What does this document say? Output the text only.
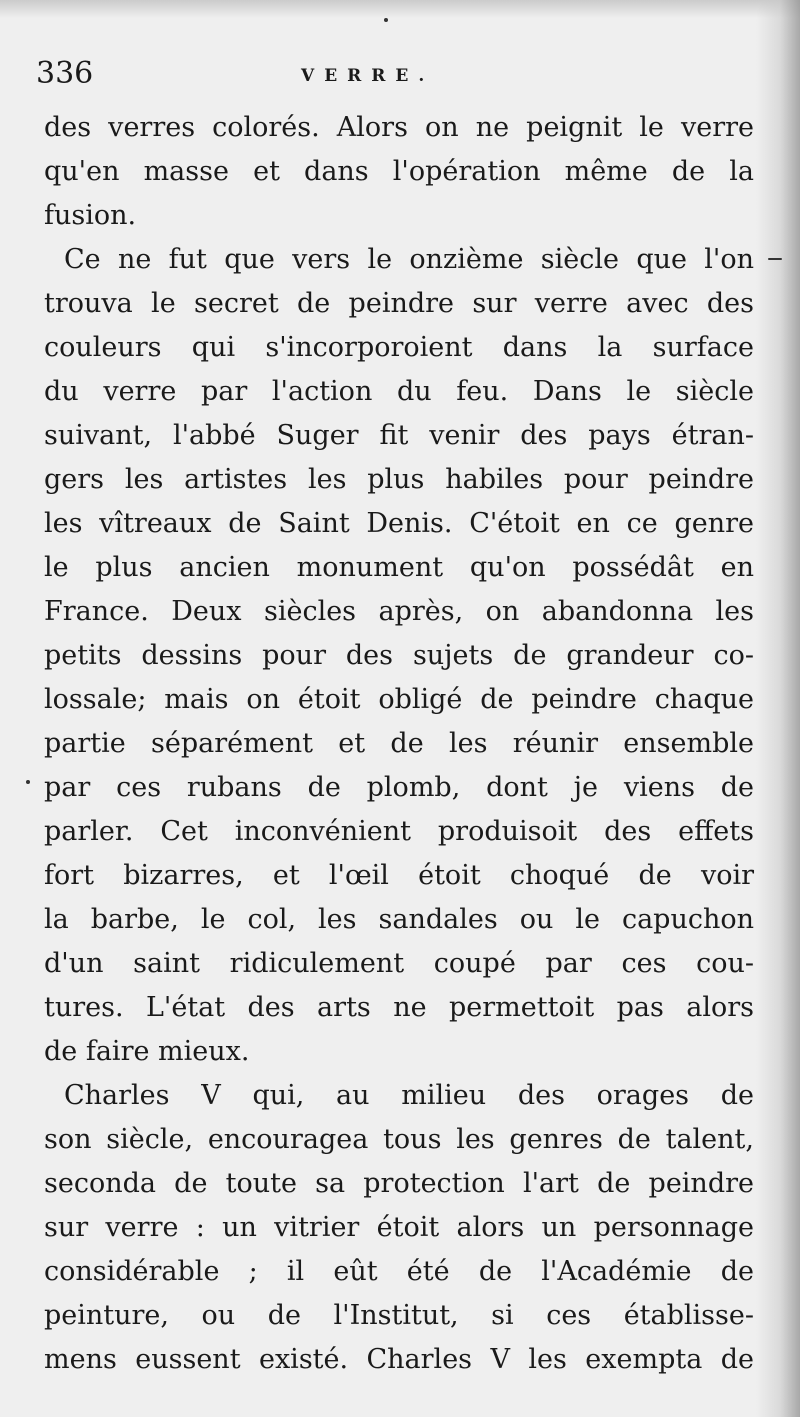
336	VERRE.
des verres colorés. Alors on ne peignit le verre
qu'en masse et dans l'opération même de la
fusion.
Ce ne fut que vers le onzième siècle que l'on
trouva le secret de peindre sur verre avec des
couleurs qui s'incorporoient dans la surface
du verre par l'action du feu. Dans le siècle
suivant, l'abbé Suger fit venir des pays étran-
gers les artistes les plus habiles pour peindre
les vîtreaux de Saint Denis. C'étoit en ce genre
le plus ancien monument qu'on possédât en
France. Deux siècles après, on abandonna les
petits dessins pour des sujets de grandeur co-
lossale; mais on étoit obligé de peindre chaque
partie séparément et de les réunir ensemble
par ces rubans de plomb, dont je viens de
parler. Cet inconvénient produisoit des effets
fort bizarres, et l'œil étoit choqué de voir
la barbe, le col, les sandales ou le capuchon
d'un saint ridiculement coupé par ces cou-
tures. L'état des arts ne permettoit pas alors
de faire mieux.
Charles V qui, au milieu des orages de
son siècle, encouragea tous les genres de talent,
seconda de toute sa protection l'art de peindre
sur verre : un vitrier étoit alors un personnage
considérable ; il eût été de l'Académie de
peinture, ou de l'Institut, si ces établisse-
mens eussent existé. Charles V les exempta de
